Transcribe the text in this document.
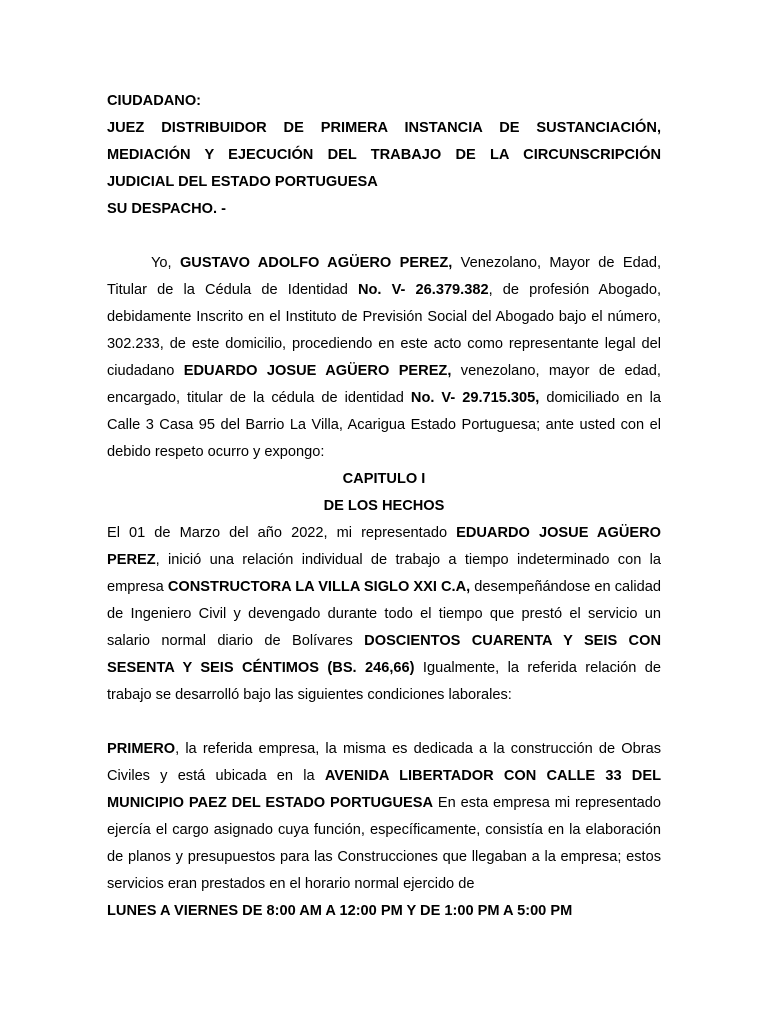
CIUDADANO:
JUEZ DISTRIBUIDOR DE PRIMERA INSTANCIA DE SUSTANCIACIÓN,
MEDIACIÓN Y EJECUCIÓN DEL TRABAJO DE LA CIRCUNSCRIPCIÓN
JUDICIAL DEL ESTADO PORTUGUESA
SU DESPACHO. -

Yo, GUSTAVO ADOLFO AGÜERO PEREZ, Venezolano, Mayor de Edad, Titular de la Cédula de Identidad No. V- 26.379.382, de profesión Abogado, debidamente Inscrito en el Instituto de Previsión Social del Abogado bajo el número, 302.233, de este domicilio, procediendo en este acto como representante legal del ciudadano EDUARDO JOSUE AGÜERO PEREZ, venezolano, mayor de edad, encargado, titular de la cédula de identidad No. V- 29.715.305, domiciliado en la Calle 3 Casa 95 del Barrio La Villa, Acarigua Estado Portuguesa; ante usted con el debido respeto ocurro y expongo:

CAPITULO I

DE LOS HECHOS

El 01 de Marzo del año 2022, mi representado EDUARDO JOSUE AGÜERO PEREZ, inició una relación individual de trabajo a tiempo indeterminado con la empresa CONSTRUCTORA LA VILLA SIGLO XXI C.A, desempeñándose en calidad de Ingeniero Civil y devengado durante todo el tiempo que prestó el servicio un salario normal diario de Bolívares DOSCIENTOS CUARENTA Y SEIS CON SESENTA Y SEIS CÉNTIMOS (BS. 246,66) Igualmente, la referida relación de trabajo se desarrolló bajo las siguientes condiciones laborales:

PRIMERO, la referida empresa, la misma es dedicada a la construcción de Obras Civiles y está ubicada en la AVENIDA LIBERTADOR CON CALLE 33 DEL MUNICIPIO PAEZ DEL ESTADO PORTUGUESA En esta empresa mi representado ejercía el cargo asignado cuya función, específicamente, consistía en la elaboración de planos y presupuestos para las Construcciones que llegaban a la empresa; estos servicios eran prestados en el horario normal ejercido de

LUNES A VIERNES DE 8:00 AM A 12:00 PM Y DE 1:00 PM A 5:00 PM
